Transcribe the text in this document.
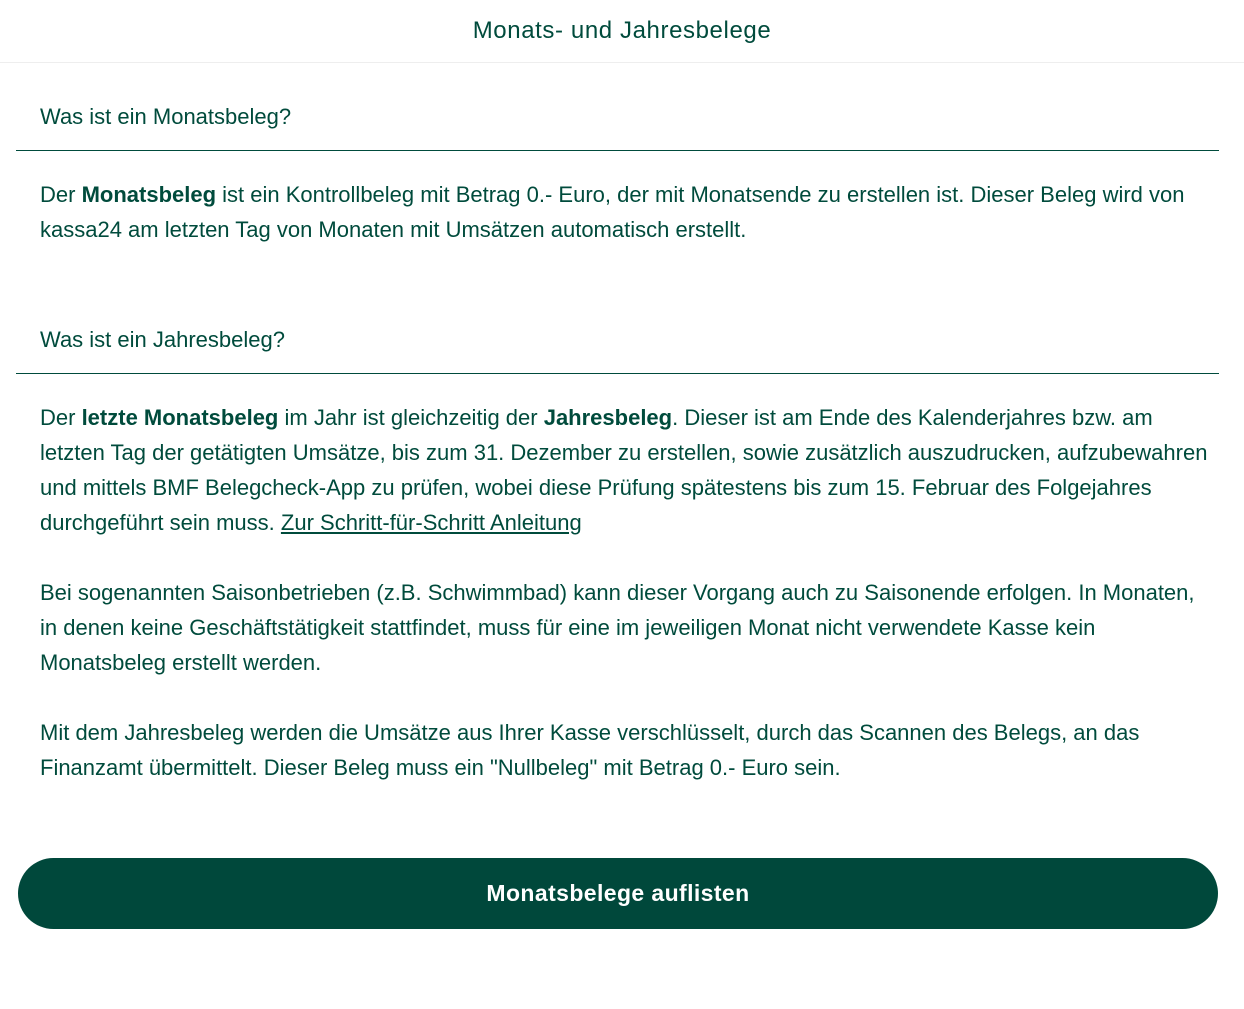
Monats- und Jahresbelege
Was ist ein Monatsbeleg?

Der Monatsbeleg ist ein Kontrollbeleg mit Betrag 0.- Euro, der mit Monatsende zu erstellen ist. Dieser Beleg wird von kassa24 am letzten Tag von Monaten mit Umsätzen automatisch erstellt.

Was ist ein Jahresbeleg?

Der letzte Monatsbeleg im Jahr ist gleichzeitig der Jahresbeleg. Dieser ist am Ende des Kalenderjahres bzw. am letzten Tag der getätigten Umsätze, bis zum 31. Dezember zu erstellen, sowie zusätzlich auszudrucken, aufzubewahren und mittels BMF Belegcheck-App zu prüfen, wobei diese Prüfung spätestens bis zum 15. Februar des Folgejahres durchgeführt sein muss. Zur Schritt-für-Schritt Anleitung

Bei sogenannten Saisonbetrieben (z.B. Schwimmbad) kann dieser Vorgang auch zu Saisonende erfolgen. In Monaten, in denen keine Geschäftstätigkeit stattfindet, muss für eine im jeweiligen Monat nicht verwendete Kasse kein Monatsbeleg erstellt werden.

Mit dem Jahresbeleg werden die Umsätze aus Ihrer Kasse verschlüsselt, durch das Scannen des Belegs, an das Finanzamt übermittelt. Dieser Beleg muss ein "Nullbeleg" mit Betrag 0.- Euro sein.

Monatsbelege auflisten
